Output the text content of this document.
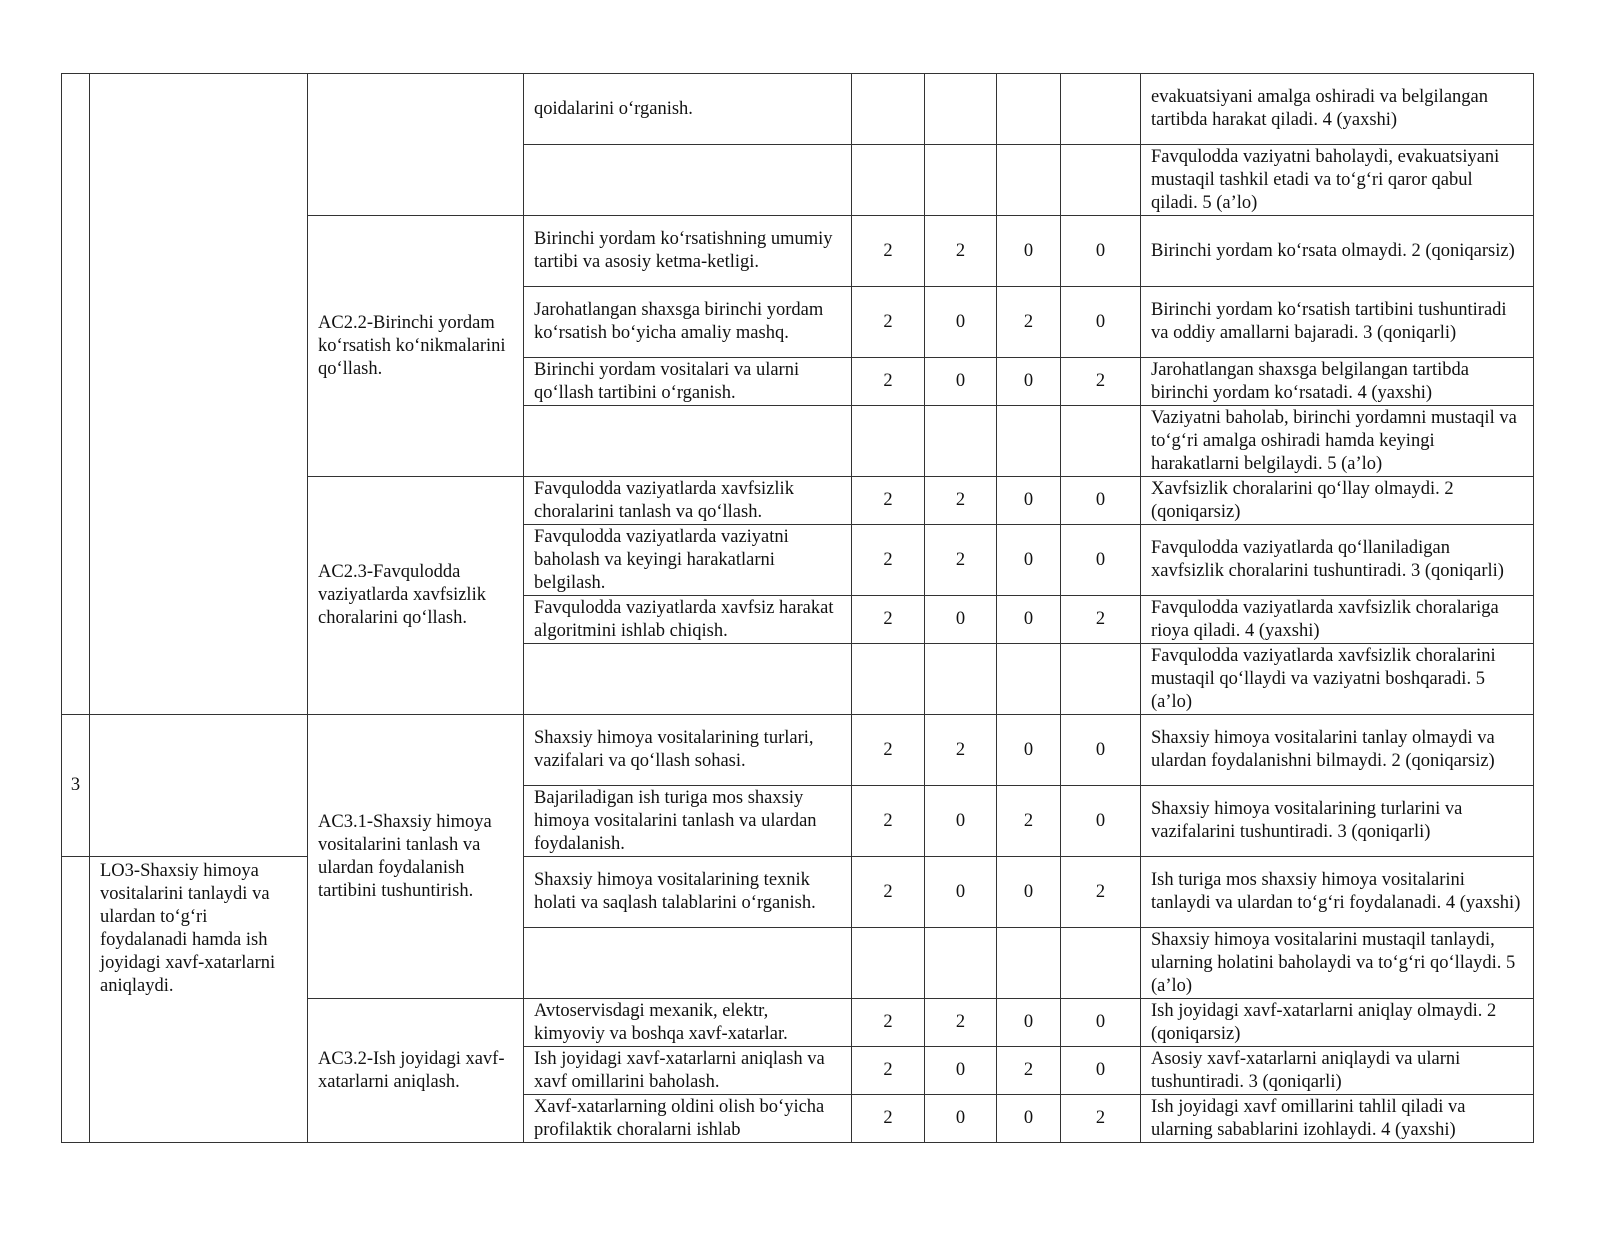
			qoidalarini o‘rganish.					evakuatsiyani amalga oshiradi va belgilangan tartibda harakat qiladi. 4 (yaxshi)
								Favqulodda vaziyatni baholaydi, evakuatsiyani mustaqil tashkil etadi va to‘g‘ri qaror qabul qiladi. 5 (a’lo)
		AC2.2-Birinchi yordam ko‘rsatish ko‘nikmalarini qo‘llash.	Birinchi yordam ko‘rsatishning umumiy tartibi va asosiy ketma-ketligi.	2	2	0	0	Birinchi yordam ko‘rsata olmaydi. 2 (qoniqarsiz)
			Jarohatlangan shaxsga birinchi yordam ko‘rsatish bo‘yicha amaliy mashq.	2	0	2	0	Birinchi yordam ko‘rsatish tartibini tushuntiradi va oddiy amallarni bajaradi. 3 (qoniqarli)
			Birinchi yordam vositalari va ularni qo‘llash tartibini o‘rganish.	2	0	0	2	Jarohatlangan shaxsga belgilangan tartibda birinchi yordam ko‘rsatadi. 4 (yaxshi)
								Vaziyatni baholab, birinchi yordamni mustaqil va to‘g‘ri amalga oshiradi hamda keyingi harakatlarni belgilaydi. 5 (a’lo)
		AC2.3-Favqulodda vaziyatlarda xavfsizlik choralarini qo‘llash.	Favqulodda vaziyatlarda xavfsizlik choralarini tanlash va qo‘llash.	2	2	0	0	Xavfsizlik choralarini qo‘llay olmaydi. 2 (qoniqarsiz)
			Favqulodda vaziyatlarda vaziyatni baholash va keyingi harakatlarni belgilash.	2	2	0	0	Favqulodda vaziyatlarda qo‘llaniladigan xavfsizlik choralarini tushuntiradi. 3 (qoniqarli)
			Favqulodda vaziyatlarda xavfsiz harakat algoritmini ishlab chiqish.	2	0	0	2	Favqulodda vaziyatlarda xavfsizlik choralariga rioya qiladi. 4 (yaxshi)
								Favqulodda vaziyatlarda xavfsizlik choralarini mustaqil qo‘llaydi va vaziyatni boshqaradi. 5 (a’lo)
3		AC3.1-Shaxsiy himoya vositalarini tanlash va ulardan foydalanish tartibini tushuntirish.	Shaxsiy himoya vositalarining turlari, vazifalari va qo‘llash sohasi.	2	2	0	0	Shaxsiy himoya vositalarini tanlay olmaydi va ulardan foydalanishni bilmaydi. 2 (qoniqarsiz)
			Bajariladigan ish turiga mos shaxsiy himoya vositalarini tanlash va ulardan foydalanish.	2	0	2	0	Shaxsiy himoya vositalarining turlarini va vazifalarini tushuntiradi. 3 (qoniqarli)
	LO3-Shaxsiy himoya vositalarini tanlaydi va ulardan to‘g‘ri foydalanadi hamda ish joyidagi xavf-xatarlarni aniqlaydi.		Shaxsiy himoya vositalarining texnik holati va saqlash talablarini o‘rganish.	2	0	0	2	Ish turiga mos shaxsiy himoya vositalarini tanlaydi va ulardan to‘g‘ri foydalanadi. 4 (yaxshi)
								Shaxsiy himoya vositalarini mustaqil tanlaydi, ularning holatini baholaydi va to‘g‘ri qo‘llaydi. 5 (a’lo)
		AC3.2-Ish joyidagi xavf-xatarlarni aniqlash.	Avtoservisdagi mexanik, elektr, kimyoviy va boshqa xavf-xatarlar.	2	2	0	0	Ish joyidagi xavf-xatarlarni aniqlay olmaydi. 2 (qoniqarsiz)
			Ish joyidagi xavf-xatarlarni aniqlash va xavf omillarini baholash.	2	0	2	0	Asosiy xavf-xatarlarni aniqlaydi va ularni tushuntiradi. 3 (qoniqarli)
			Xavf-xatarlarning oldini olish bo‘yicha profilaktik choralarni ishlab	2	0	0	2	Ish joyidagi xavf omillarini tahlil qiladi va ularning sabablarini izohlaydi. 4 (yaxshi)
